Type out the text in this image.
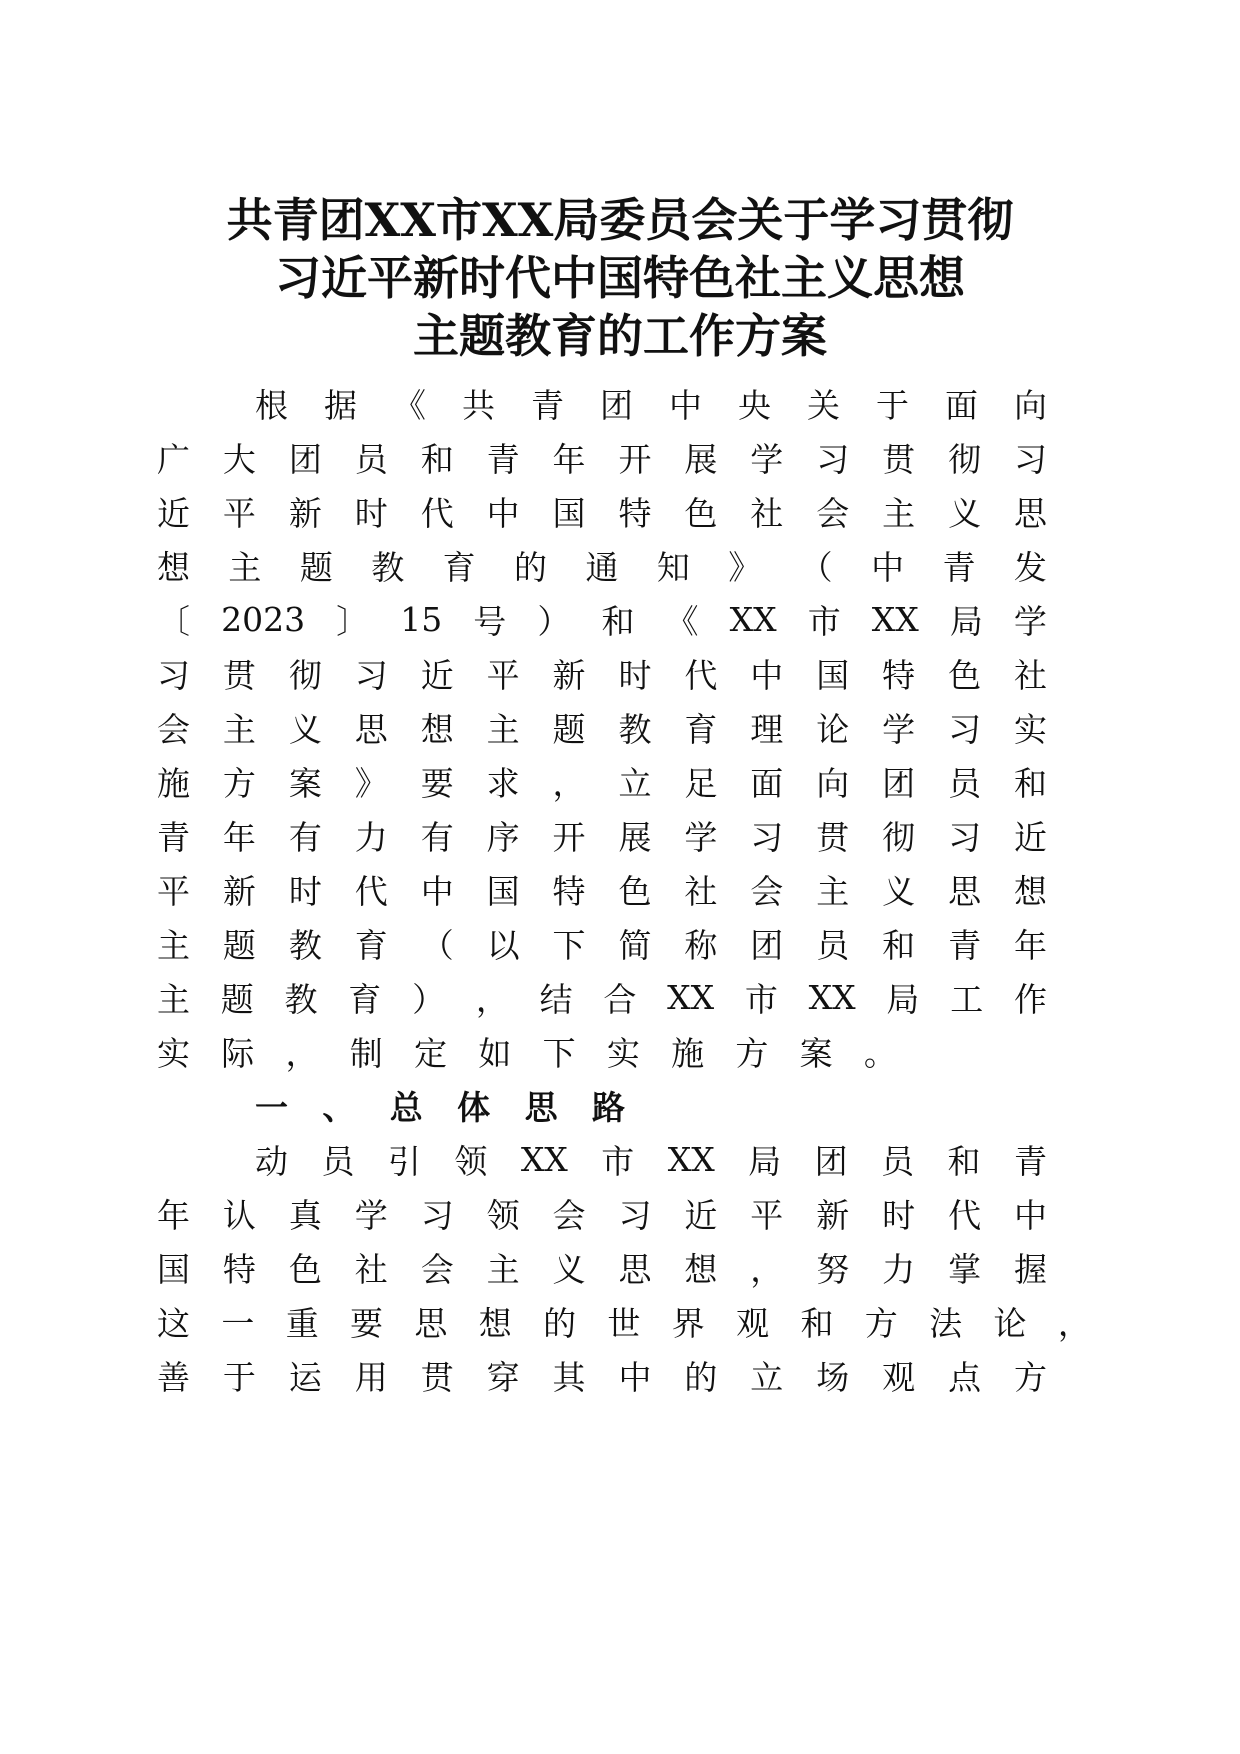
共青团XX市XX局委员会关于学习贯彻
习近平新时代中国特色社主义思想
主题教育的工作方案
根 据 《 共 青 团 中 央 关 于 面 向
广 大 团 员 和 青 年 开 展 学 习 贯 彻 习
近 平 新 时 代 中 国 特 色 社 会 主 义 思
想 主 题 教 育 的 通 知 》 （ 中 青 发
〔 2023 〕 15 号 ） 和 《 XX 市 XX 局 学
习 贯 彻 习 近 平 新 时 代 中 国 特 色 社
会 主 义 思 想 主 题 教 育 理 论 学 习 实
施 方 案 》 要 求 ， 立 足 面 向 团 员 和
青 年 有 力 有 序 开 展 学 习 贯 彻 习 近
平 新 时 代 中 国 特 色 社 会 主 义 思 想
主 题 教 育 （ 以 下 简 称 团 员 和 青 年
主 题 教 育 ） ， 结 合 XX 市 XX 局 工 作
实 际 ， 制 定 如 下 实 施 方 案 。
一 、 总 体 思 路
动 员 引 领 XX 市 XX 局 团 员 和 青
年 认 真 学 习 领 会 习 近 平 新 时 代 中
国 特 色 社 会 主 义 思 想 ， 努 力 掌 握
这 一 重 要 思 想 的 世 界 观 和 方 法 论 ，
善 于 运 用 贯 穿 其 中 的 立 场 观 点 方
